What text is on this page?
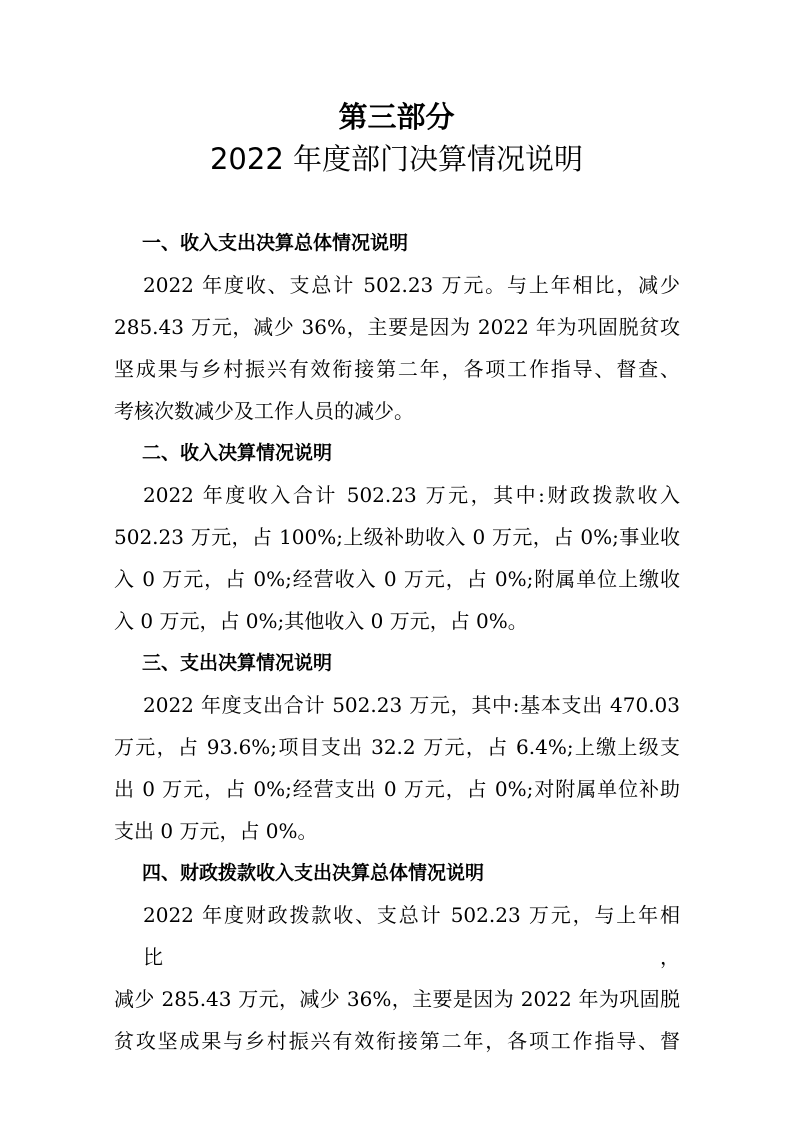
第三部分
2022 年度部门决算情况说明

一、收入支出决算总体情况说明

2022 年度收、支总计 502.23 万元。与上年相比，减少
285.43 万元，减少 36%，主要是因为 2022 年为巩固脱贫攻
坚成果与乡村振兴有效衔接第二年，各项工作指导、督查、
考核次数减少及工作人员的减少。

二、收入决算情况说明

2022 年度收入合计 502.23 万元，其中:财政拨款收入
502.23 万元，占 100%;上级补助收入 0 万元，占 0%;事业收
入 0 万元，占 0%;经营收入 0 万元，占 0%;附属单位上缴收
入 0 万元，占 0%;其他收入 0 万元，占 0%。

三、支出决算情况说明

2022 年度支出合计 502.23 万元，其中:基本支出 470.03
万元，占 93.6%;项目支出 32.2 万元，占 6.4%;上缴上级支
出 0 万元，占 0%;经营支出 0 万元，占 0%;对附属单位补助
支出 0 万元，占 0%。

四、财政拨款收入支出决算总体情况说明

2022 年度财政拨款收、支总计 502.23 万元，与上年相比，
减少 285.43 万元，减少 36%，主要是因为 2022 年为巩固脱
贫攻坚成果与乡村振兴有效衔接第二年，各项工作指导、督
